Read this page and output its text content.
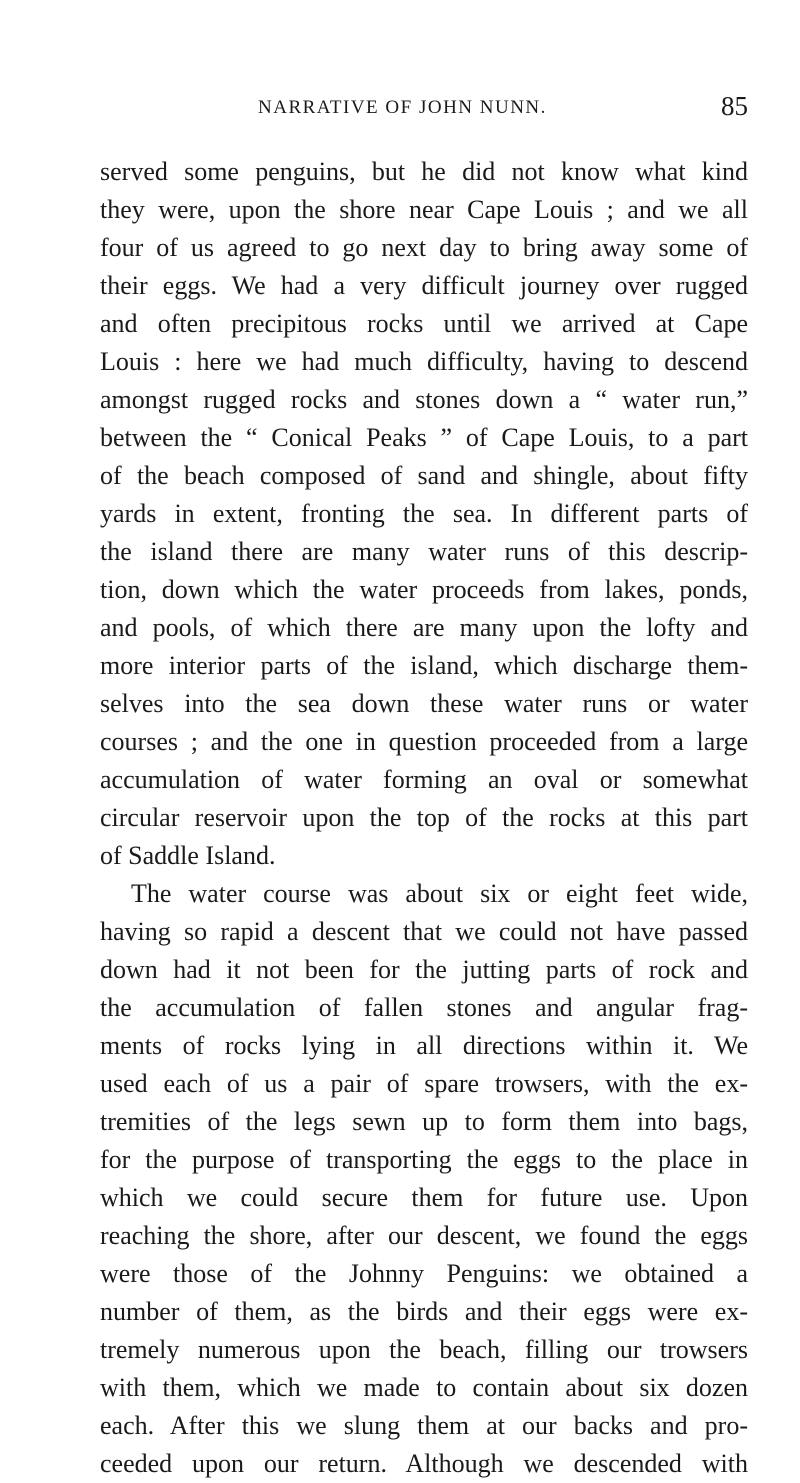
NARRATIVE OF JOHN NUNN.	85
served some penguins, but he did not know what kind
they were, upon the shore near Cape Louis ; and we all
four of us agreed to go next day to bring away some of
their eggs. We had a very difficult journey over rugged
and often precipitous rocks until we arrived at Cape
Louis : here we had much difficulty, having to descend
amongst rugged rocks and stones down a “ water run,”
between the “ Conical Peaks ” of Cape Louis, to a part
of the beach composed of sand and shingle, about fifty
yards in extent, fronting the sea. In different parts of
the island there are many water runs of this descrip-
tion, down which the water proceeds from lakes, ponds,
and pools, of which there are many upon the lofty and
more interior parts of the island, which discharge them-
selves into the sea down these water runs or water
courses ; and the one in question proceeded from a large
accumulation of water forming an oval or somewhat
circular reservoir upon the top of the rocks at this part
of Saddle Island.
The water course was about six or eight feet wide,
having so rapid a descent that we could not have passed
down had it not been for the jutting parts of rock and
the accumulation of fallen stones and angular frag-
ments of rocks lying in all directions within it. We
used each of us a pair of spare trowsers, with the ex-
tremities of the legs sewn up to form them into bags,
for the purpose of transporting the eggs to the place in
which we could secure them for future use. Upon
reaching the shore, after our descent, we found the eggs
were those of the Johnny Penguins: we obtained a
number of them, as the birds and their eggs were ex-
tremely numerous upon the beach, filling our trowsers
with them, which we made to contain about six dozen
each. After this we slung them at our backs and pro-
ceeded upon our return. Although we descended with
